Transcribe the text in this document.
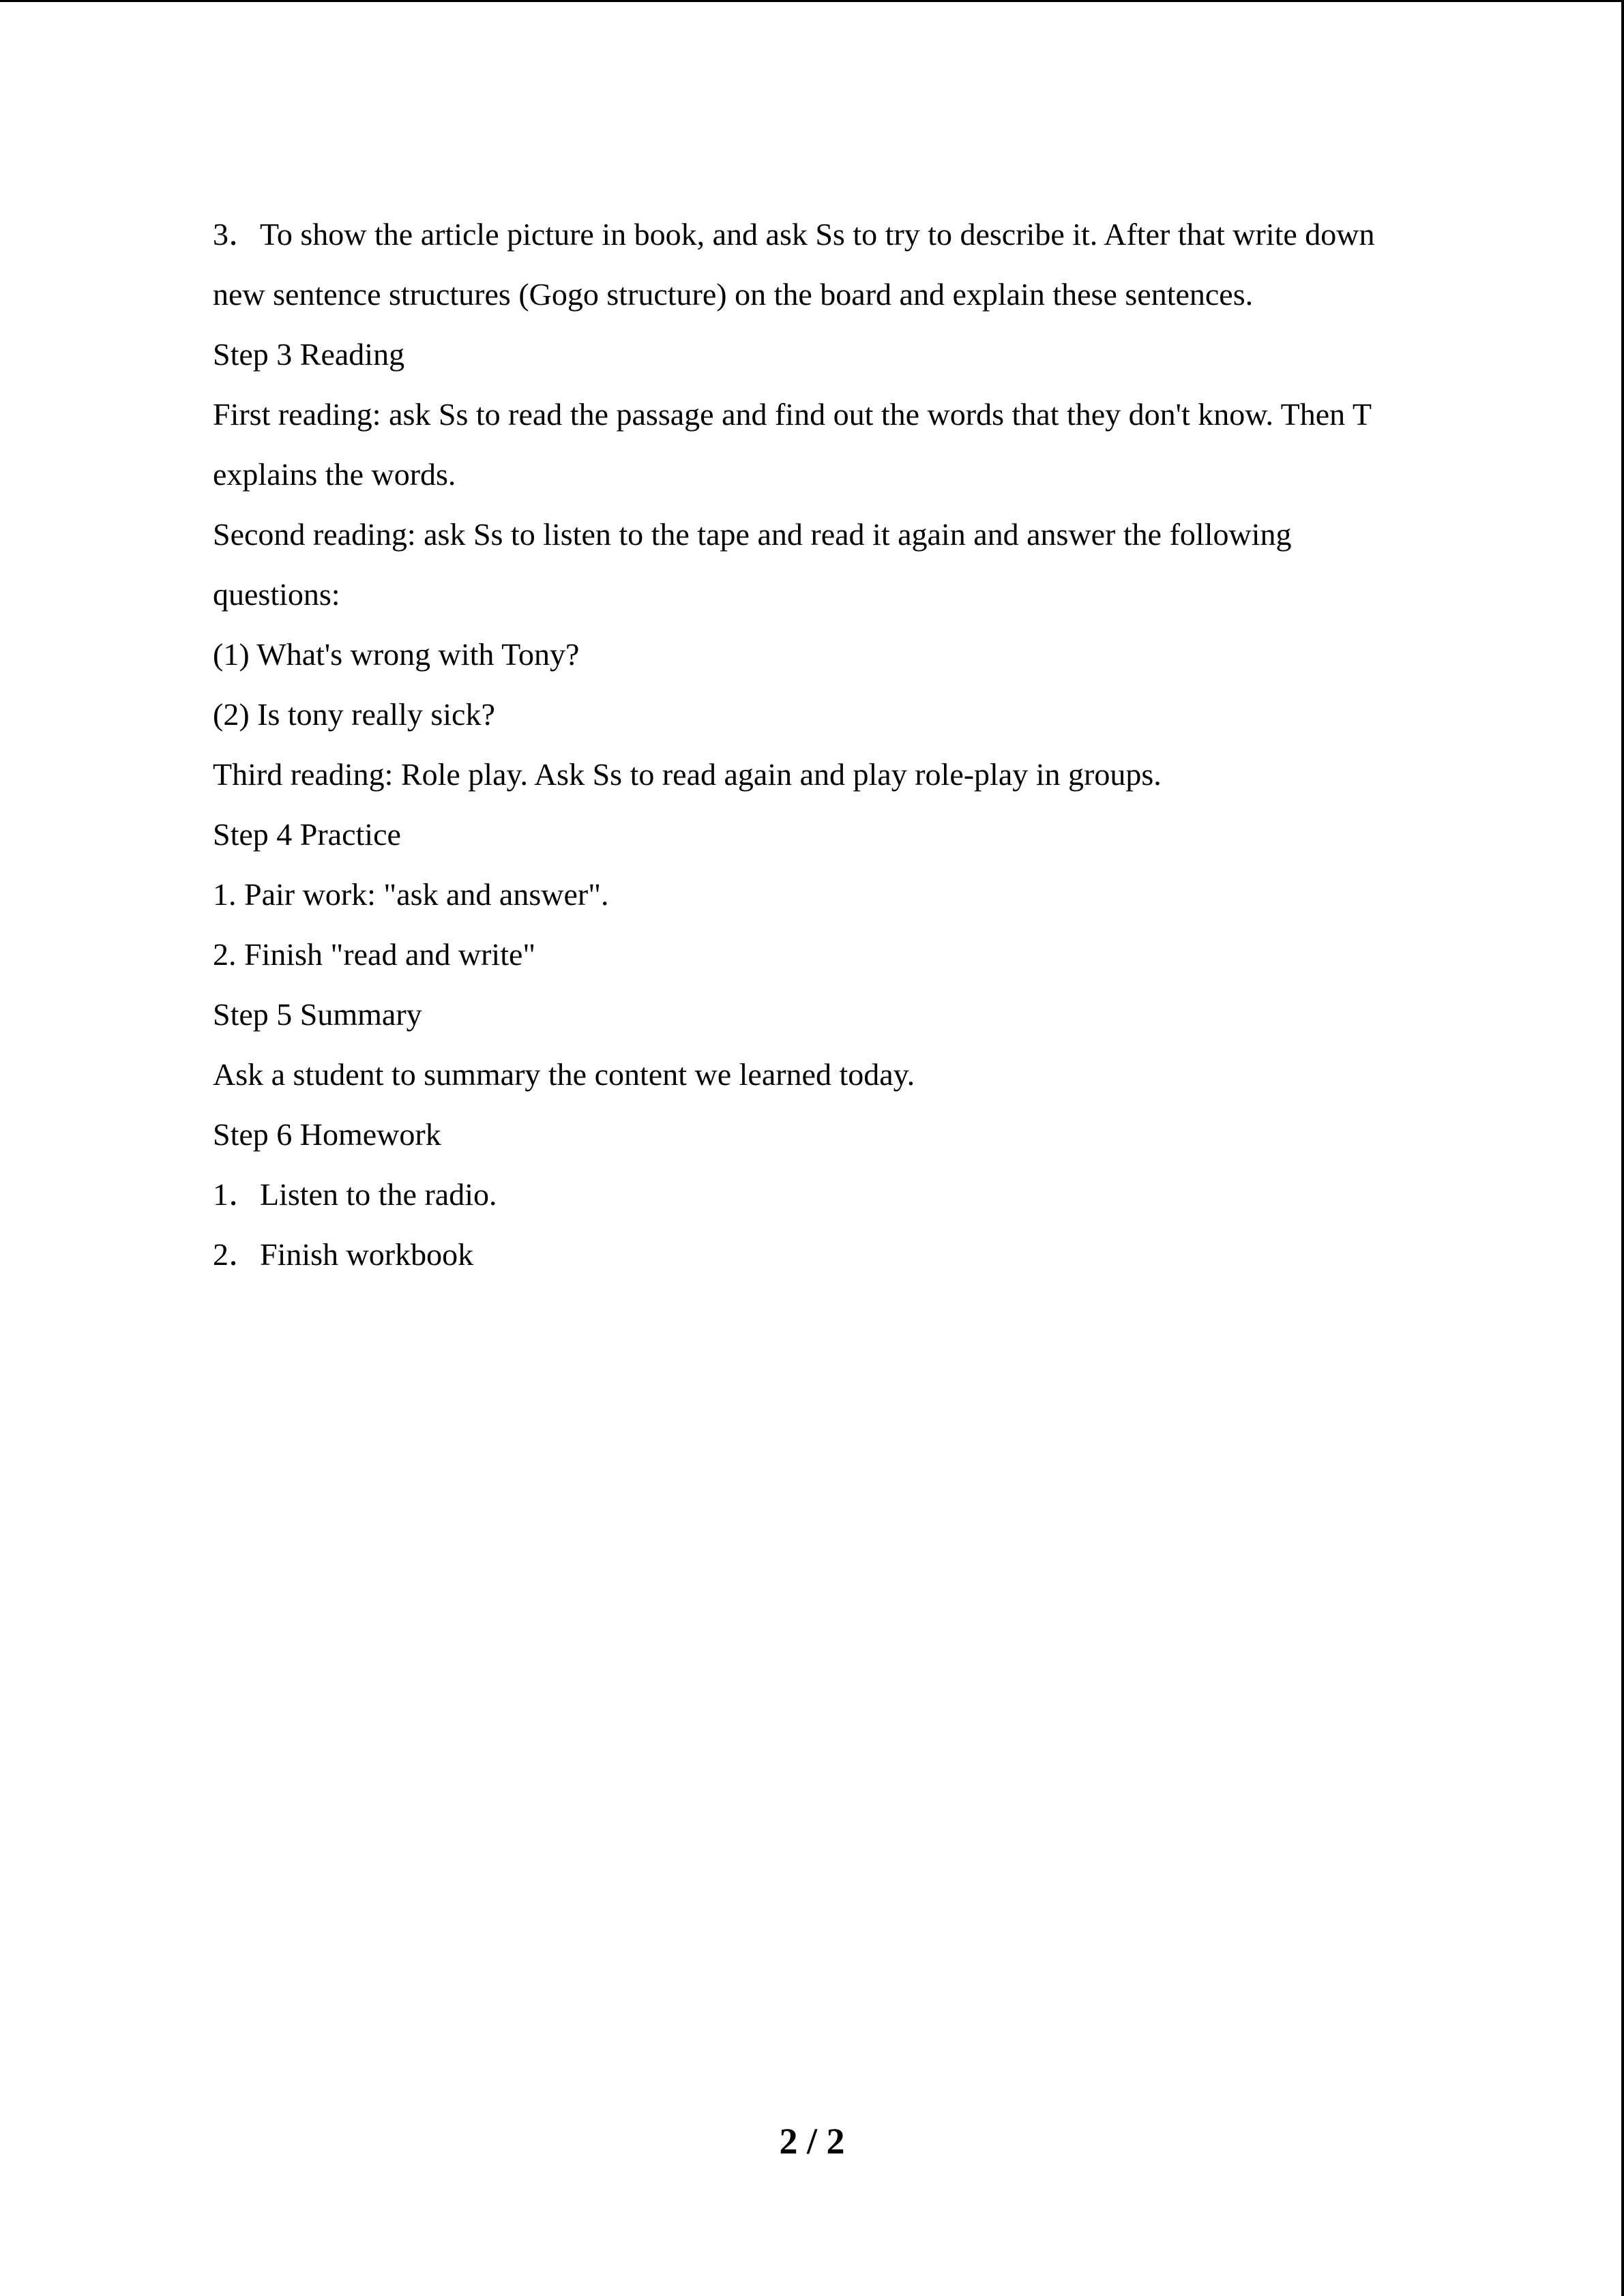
3．To show the article picture in book, and ask Ss to try to describe it. After that write down
new sentence structures (Gogo structure) on the board and explain these sentences.
Step 3 Reading
First reading: ask Ss to read the passage and find out the words that they don't know. Then T
explains the words.
Second reading: ask Ss to listen to the tape and read it again and answer the following
questions:
(1) What's wrong with Tony?
(2) Is tony really sick?
Third reading: Role play. Ask Ss to read again and play role-play in groups.
Step 4 Practice
1. Pair work: "ask and answer".
2. Finish "read and write"
Step 5 Summary
Ask a student to summary the content we learned today.
Step 6 Homework
1．Listen to the radio.
2．Finish workbook
2 / 2
